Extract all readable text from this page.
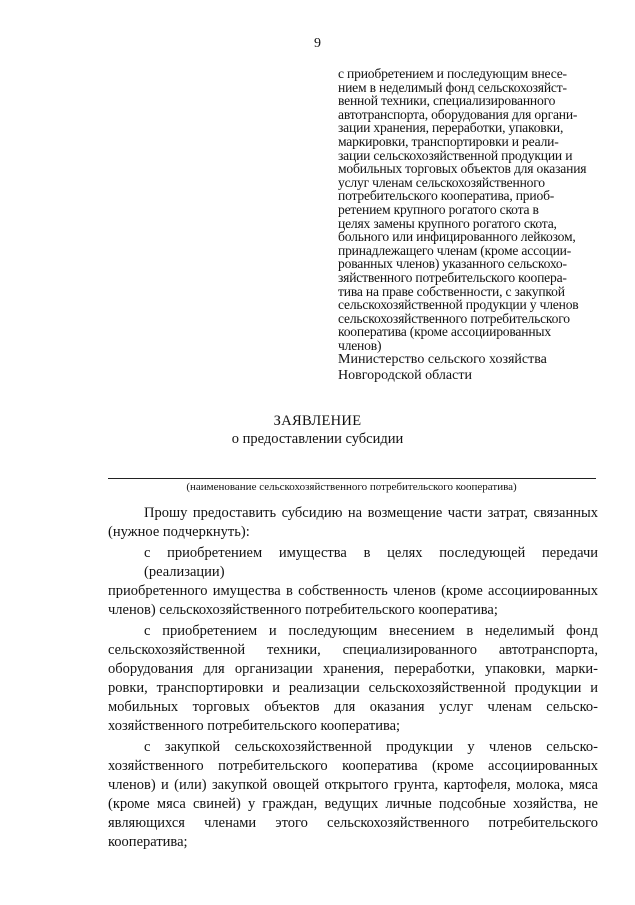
9
с приобретением и последующим внесе-
нием в неделимый фонд сельскохозяйст-
венной техники, специализированного
автотранспорта, оборудования для органи-
зации хранения, переработки, упаковки,
маркировки, транспортировки и реали-
зации сельскохозяйственной продукции и
мобильных торговых объектов для оказания
услуг членам сельскохозяйственного
потребительского кооператива, приоб-
ретением крупного рогатого скота в
целях замены крупного рогатого скота,
больного или инфицированного лейкозом,
принадлежащего членам (кроме ассоции-
рованных членов) указанного сельскохо-
зяйственного потребительского коопера-
тива на праве собственности, с закупкой
сельскохозяйственной продукции у членов
сельскохозяйственного потребительского
кооператива (кроме ассоциированных
членов)
Министерство сельского хозяйства
Новгородской области
ЗАЯВЛЕНИЕ
о предоставлении субсидии
(наименование сельскохозяйственного потребительского кооператива)
Прошу предоставить субсидию на возмещение части затрат, связанных
(нужное подчеркнуть):
с приобретением имущества в целях последующей передачи (реализации)
приобретенного имущества в собственность членов (кроме ассоциированных
членов) сельскохозяйственного потребительского кооператива;
с приобретением и последующим внесением в неделимый фонд
сельскохозяйственной техники, специализированного автотранспорта,
оборудования для организации хранения, переработки, упаковки, марки-
ровки, транспортировки и реализации сельскохозяйственной продукции и
мобильных торговых объектов для оказания услуг членам сельско-
хозяйственного потребительского кооператива;
с закупкой сельскохозяйственной продукции у членов сельско-
хозяйственного потребительского кооператива (кроме ассоциированных
членов) и (или) закупкой овощей открытого грунта, картофеля, молока, мяса
(кроме мяса свиней) у граждан, ведущих личные подсобные хозяйства, не
являющихся членами этого сельскохозяйственного потребительского
кооператива;
